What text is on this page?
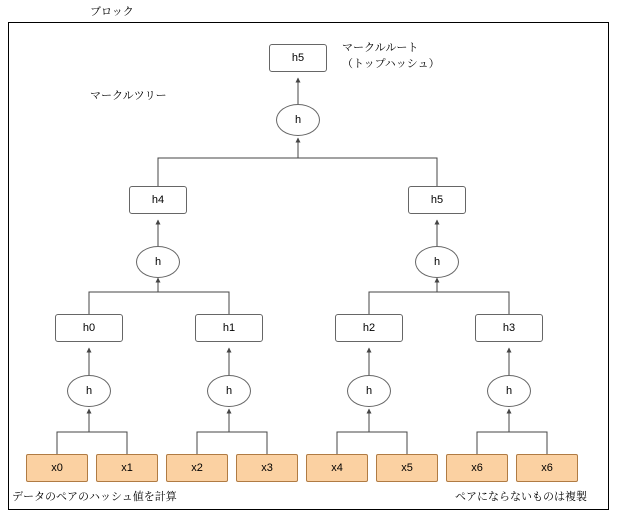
ブロック
マークルツリー
マークルルート
（トップハッシュ）
データのペアのハッシュ値を計算	ペアにならないものは複製
h5
h4	h5
h0	h1	h2	h3
h
h	h
h	h	h	h
x0	x1	x2	x3	x4	x5	x6	x6
